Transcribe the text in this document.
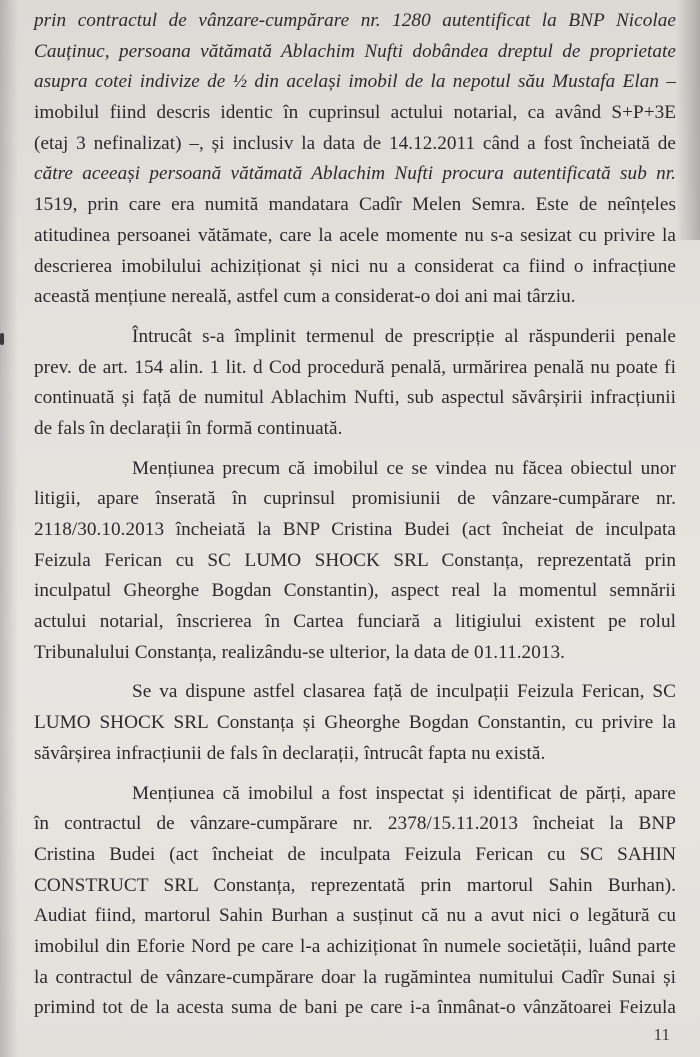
prin contractul de vânzare-cumpărare nr. 1280 autentificat la BNP Nicolae
Cauținuc, persoana vătămată Ablachim Nufti dobândea dreptul de proprietate
asupra cotei indivize de ½ din același imobil de la nepotul său Mustafa Elan –
imobilul fiind descris identic în cuprinsul actului notarial, ca având S+P+3E
(etaj 3 nefinalizat) –, și inclusiv la data de 14.12.2011 când a fost încheiată de
către aceeași persoană vătămată Ablachim Nufti procura autentificată sub nr.
1519, prin care era numită mandatara Cadîr Melen Semra. Este de neînțeles
atitudinea persoanei vătămate, care la acele momente nu s-a sesizat cu privire la
descrierea imobilului achiziționat și nici nu a considerat ca fiind o infracțiune
această mențiune nereală, astfel cum a considerat-o doi ani mai târziu.
Întrucât s-a împlinit termenul de prescripție al răspunderii penale
prev. de art. 154 alin. 1 lit. d Cod procedură penală, urmărirea penală nu poate fi
continuată și față de numitul Ablachim Nufti, sub aspectul săvârșirii infracțiunii
de fals în declarații în formă continuată.
Mențiunea precum că imobilul ce se vindea nu făcea obiectul unor
litigii, apare înserată în cuprinsul promisiunii de vânzare-cumpărare nr.
2118/30.10.2013 încheiată la BNP Cristina Budei (act încheiat de inculpata
Feizula Ferican cu SC LUMO SHOCK SRL Constanța, reprezentată prin
inculpatul Gheorghe Bogdan Constantin), aspect real la momentul semnării
actului notarial, înscrierea în Cartea funciară a litigiului existent pe rolul
Tribunalului Constanța, realizându-se ulterior, la data de 01.11.2013.
Se va dispune astfel clasarea față de inculpații Feizula Ferican, SC
LUMO SHOCK SRL Constanța și Gheorghe Bogdan Constantin, cu privire la
săvârșirea infracțiunii de fals în declarații, întrucât fapta nu există.
Mențiunea că imobilul a fost inspectat și identificat de părți, apare
în contractul de vânzare-cumpărare nr. 2378/15.11.2013 încheiat la BNP
Cristina Budei (act încheiat de inculpata Feizula Ferican cu SC SAHIN
CONSTRUCT SRL Constanța, reprezentată prin martorul Sahin Burhan).
Audiat fiind, martorul Sahin Burhan a susținut că nu a avut nici o legătură cu
imobilul din Eforie Nord pe care l-a achiziționat în numele societății, luând parte
la contractul de vânzare-cumpărare doar la rugămintea numitului Cadîr Sunai și
primind tot de la acesta suma de bani pe care i-a înmânat-o vânzătoarei Feizula
11
